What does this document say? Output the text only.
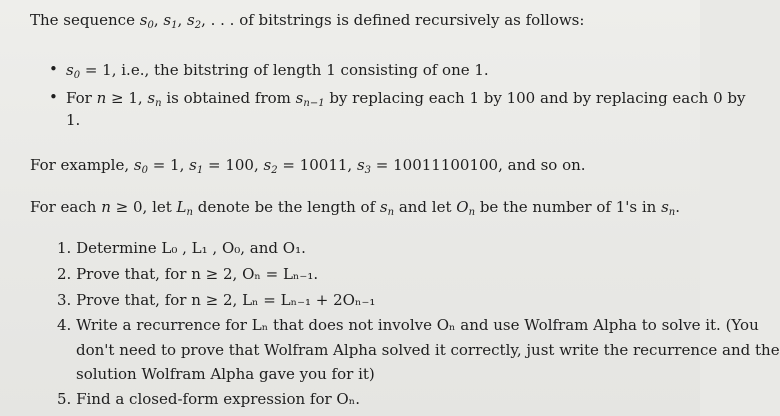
The sequence $s_0$, $s_1$, $s_2$, . . . of bitstrings is defined recursively as follows:
• $s_0 = 1$, i.e., the bitstring of length 1 consisting of one 1.
• For n ≥ 1, $s_n$ is obtained from $s_{n-1}$ by replacing each 1 by 100 and by replacing each 0 by
1.
For example, $s_0 = 1$, $s_1 = 100$, $s_2 = 10011$, $s_3 = 10011100100$, and so on.
For each n ≥ 0, let $L_n$ denote be the length of $s_n$ and let $O_n$ be the number of 1's in $s_n$.
1. Determine L₀ , L₁ , O₀, and O₁.
2. Prove that, for n ≥ 2, Oₙ = Lₙ₋₁.
3. Prove that, for n ≥ 2, Lₙ = Lₙ₋₁ + 2Oₙ₋₁
4. Write a recurrence for Lₙ that does not involve Oₙ and use Wolfram Alpha to solve it. (You
don't need to prove that Wolfram Alpha solved it correctly, just write the recurrence and the
solution Wolfram Alpha gave you for it)
5. Find a closed-form expression for Oₙ.
